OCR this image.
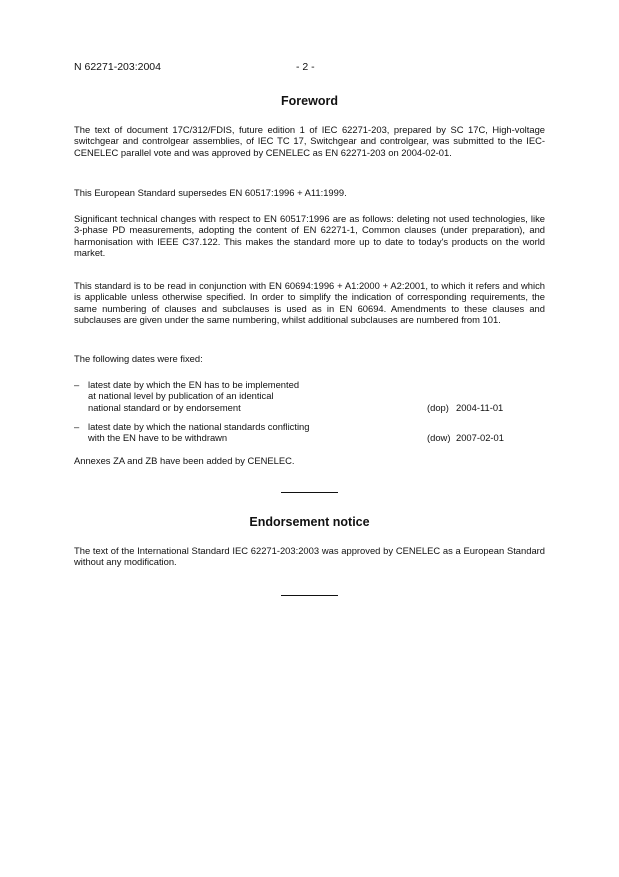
N 62271-203:2004	- 2 -
Foreword
The text of document 17C/312/FDIS, future edition 1 of IEC 62271-203, prepared by SC 17C, High-voltage switchgear and controlgear assemblies, of IEC TC 17, Switchgear and controlgear, was submitted to the IEC-CENELEC parallel vote and was approved by CENELEC as EN 62271-203 on 2004-02-01.
This European Standard supersedes EN 60517:1996 + A11:1999.
Significant technical changes with respect to EN 60517:1996 are as follows: deleting not used technologies, like 3-phase PD measurements, adopting the content of EN 62271-1, Common clauses (under preparation), and harmonisation with IEEE C37.122. This makes the standard more up to date to today's products on the world market.
This standard is to be read in conjunction with EN 60694:1996 + A1:2000 + A2:2001, to which it refers and which is applicable unless otherwise specified. In order to simplify the indication of corresponding requirements, the same numbering of clauses and subclauses is used as in EN 60694. Amendments to these clauses and subclauses are given under the same numbering, whilst additional subclauses are numbered from 101.
The following dates were fixed:
– latest date by which the EN has to be implemented
at national level by publication of an identical
national standard or by endorsement	(dop) 2004-11-01
– latest date by which the national standards conflicting
with the EN have to be withdrawn	(dow) 2007-02-01
Annexes ZA and ZB have been added by CENELEC.
Endorsement notice
The text of the International Standard IEC 62271-203:2003 was approved by CENELEC as a European Standard without any modification.
